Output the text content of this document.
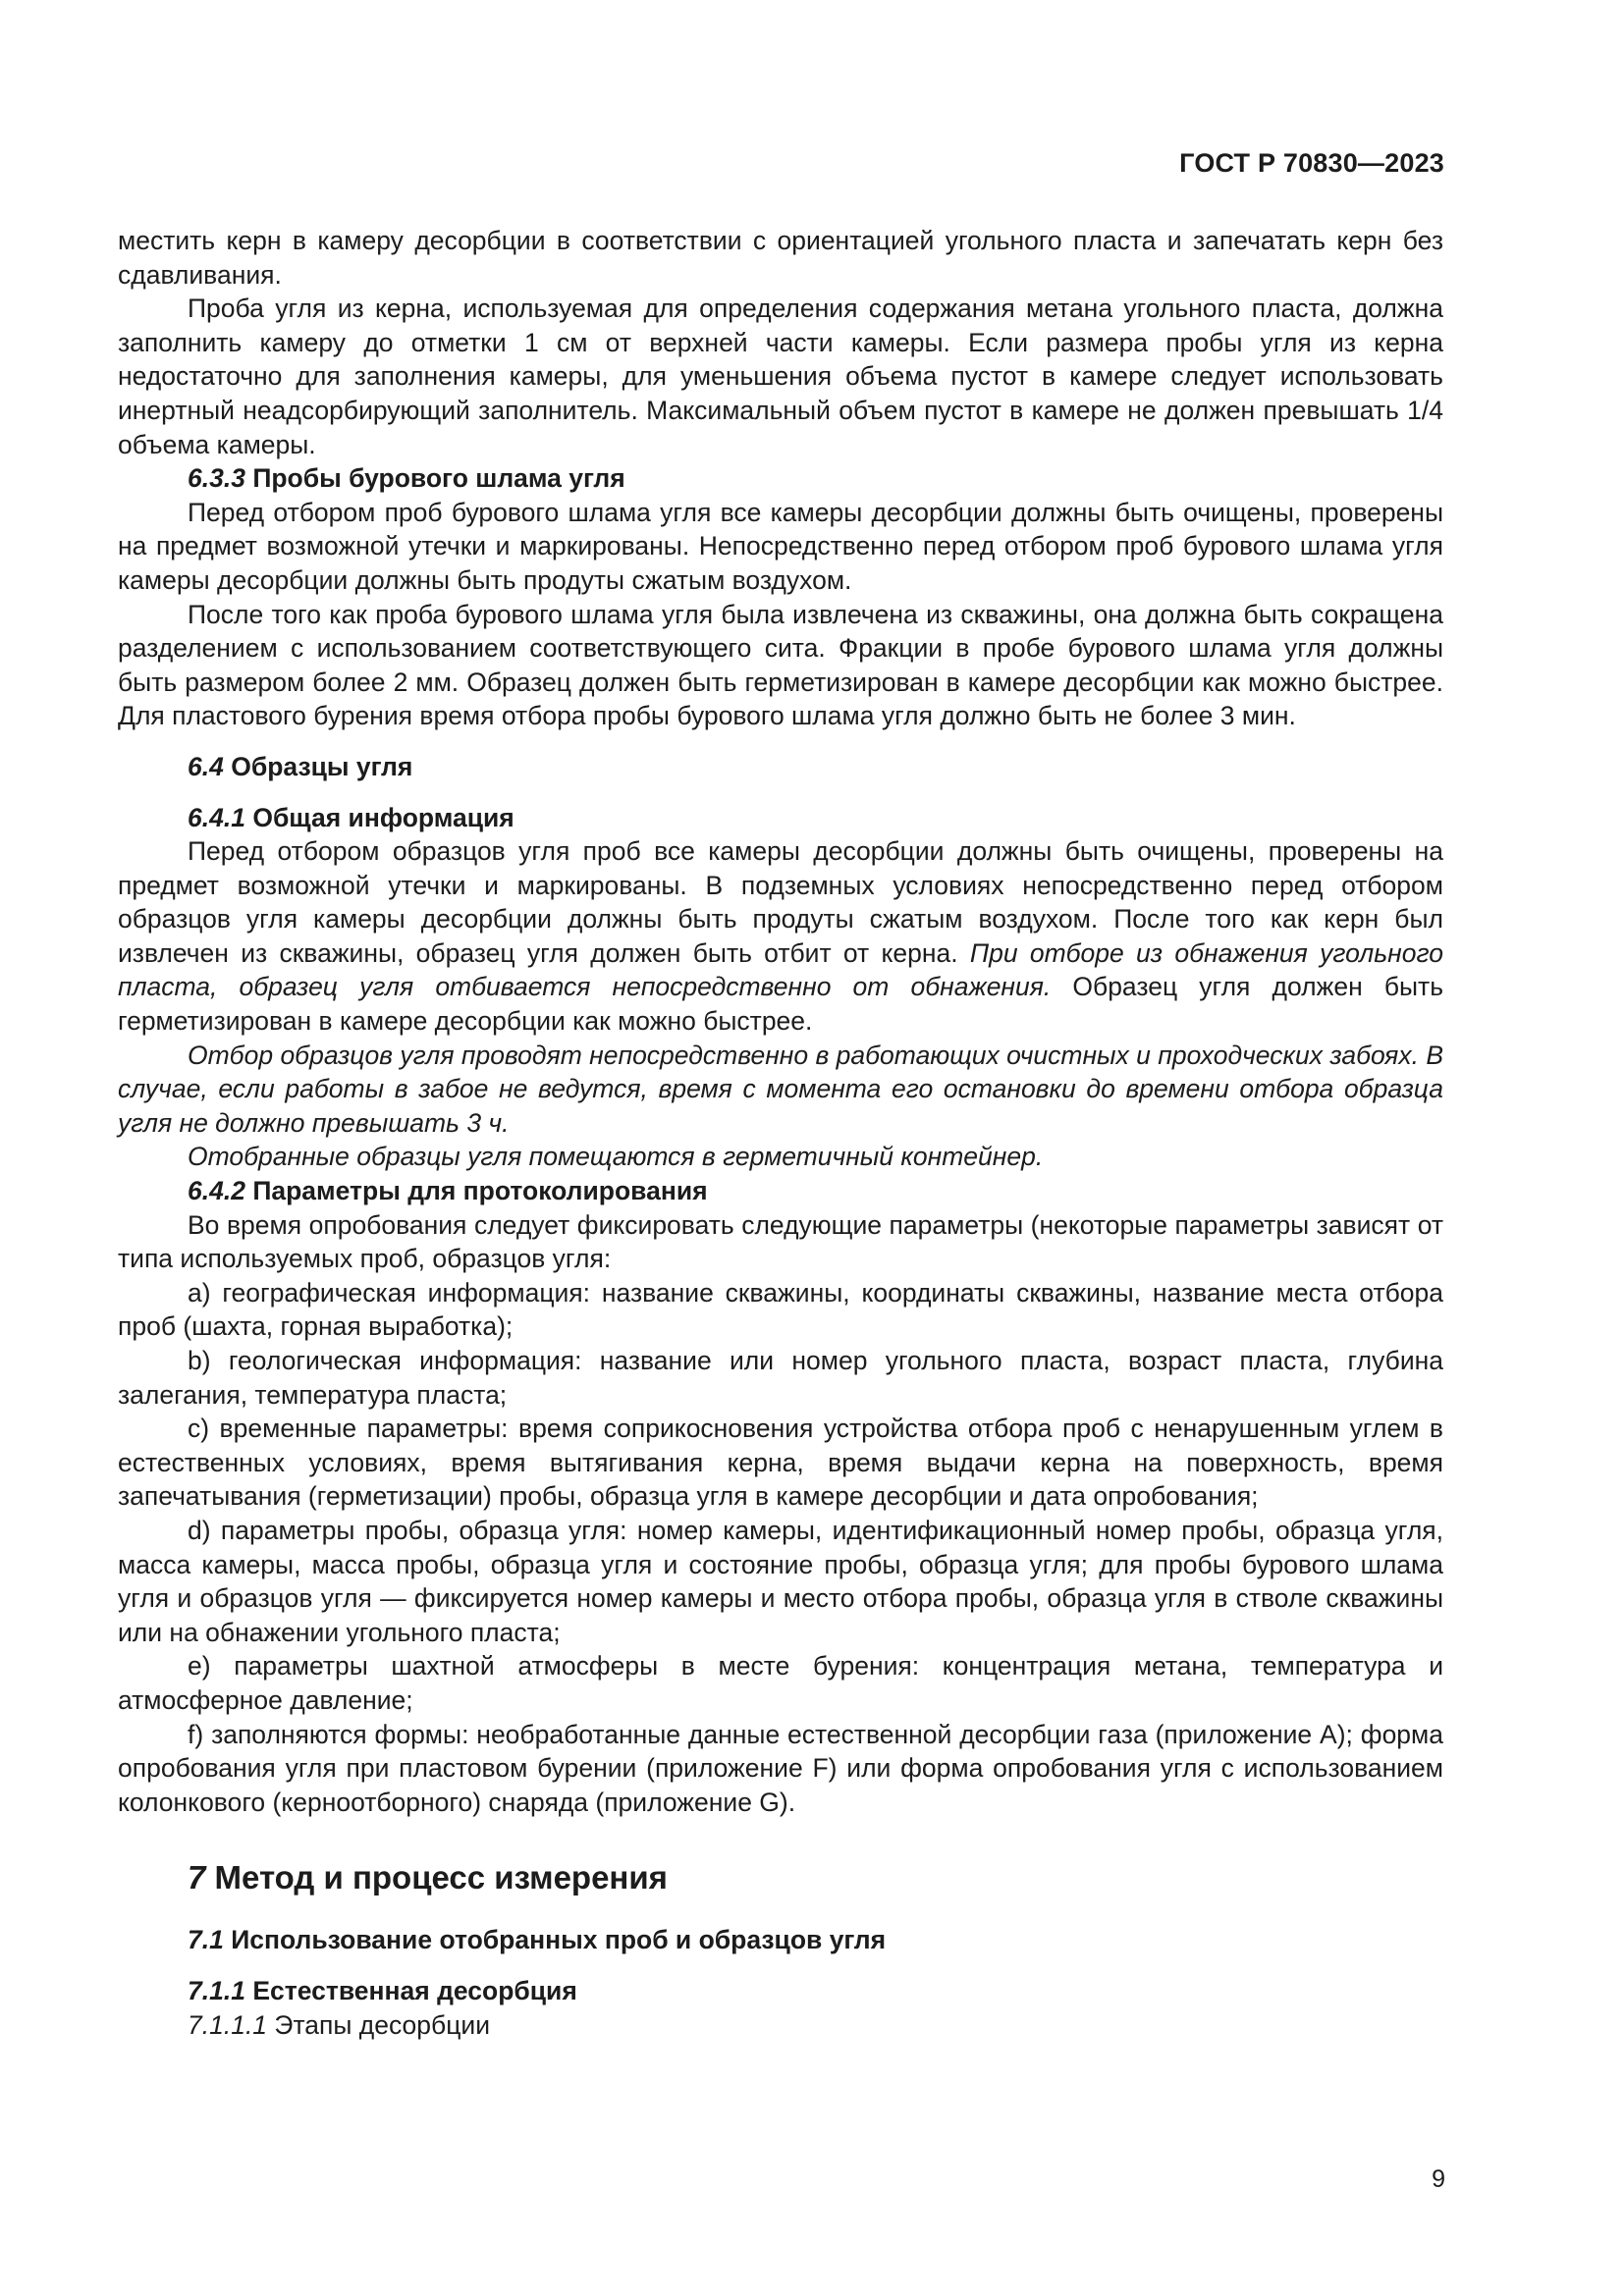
ГОСТ Р 70830—2023

местить керн в камеру десорбции в соответствии с ориентацией угольного пласта и запечатать керн без сдавливания.

Проба угля из керна, используемая для определения содержания метана угольного пласта, должна заполнить камеру до отметки 1 см от верхней части камеры. Если размера пробы угля из керна недостаточно для заполнения камеры, для уменьшения объема пустот в камере следует использовать инертный неадсорбирующий заполнитель. Максимальный объем пустот в камере не должен превышать 1/4 объема камеры.

6.3.3 Пробы бурового шлама угля

Перед отбором проб бурового шлама угля все камеры десорбции должны быть очищены, проверены на предмет возможной утечки и маркированы. Непосредственно перед отбором проб бурового шлама угля камеры десорбции должны быть продуты сжатым воздухом.

После того как проба бурового шлама угля была извлечена из скважины, она должна быть сокращена разделением с использованием соответствующего сита. Фракции в пробе бурового шлама угля должны быть размером более 2 мм. Образец должен быть герметизирован в камере десорбции как можно быстрее. Для пластового бурения время отбора пробы бурового шлама угля должно быть не более 3 мин.

6.4 Образцы угля

6.4.1 Общая информация

Перед отбором образцов угля проб все камеры десорбции должны быть очищены, проверены на предмет возможной утечки и маркированы. В подземных условиях непосредственно перед отбором образцов угля камеры десорбции должны быть продуты сжатым воздухом. После того как керн был извлечен из скважины, образец угля должен быть отбит от керна. При отборе из обнажения угольного пласта, образец угля отбивается непосредственно от обнажения. Образец угля должен быть герметизирован в камере десорбции как можно быстрее.

Отбор образцов угля проводят непосредственно в работающих очистных и проходческих забоях. В случае, если работы в забое не ведутся, время с момента его остановки до времени отбора образца угля не должно превышать 3 ч.

Отобранные образцы угля помещаются в герметичный контейнер.

6.4.2 Параметры для протоколирования

Во время опробования следует фиксировать следующие параметры (некоторые параметры зависят от типа используемых проб, образцов угля:

a) географическая информация: название скважины, координаты скважины, название места отбора проб (шахта, горная выработка);

b) геологическая информация: название или номер угольного пласта, возраст пласта, глубина залегания, температура пласта;

c) временные параметры: время соприкосновения устройства отбора проб с ненарушенным углем в естественных условиях, время вытягивания керна, время выдачи керна на поверхность, время запечатывания (герметизации) пробы, образца угля в камере десорбции и дата опробования;

d) параметры пробы, образца угля: номер камеры, идентификационный номер пробы, образца угля, масса камеры, масса пробы, образца угля и состояние пробы, образца угля; для пробы бурового шлама угля и образцов угля — фиксируется номер камеры и место отбора пробы, образца угля в стволе скважины или на обнажении угольного пласта;

e) параметры шахтной атмосферы в месте бурения: концентрация метана, температура и атмосферное давление;

f) заполняются формы: необработанные данные естественной десорбции газа (приложение А); форма опробования угля при пластовом бурении (приложение F) или форма опробования угля с использованием колонкового (керноотборного) снаряда (приложение G).

7 Метод и процесс измерения

7.1 Использование отобранных проб и образцов угля

7.1.1 Естественная десорбция

7.1.1.1 Этапы десорбции

9
